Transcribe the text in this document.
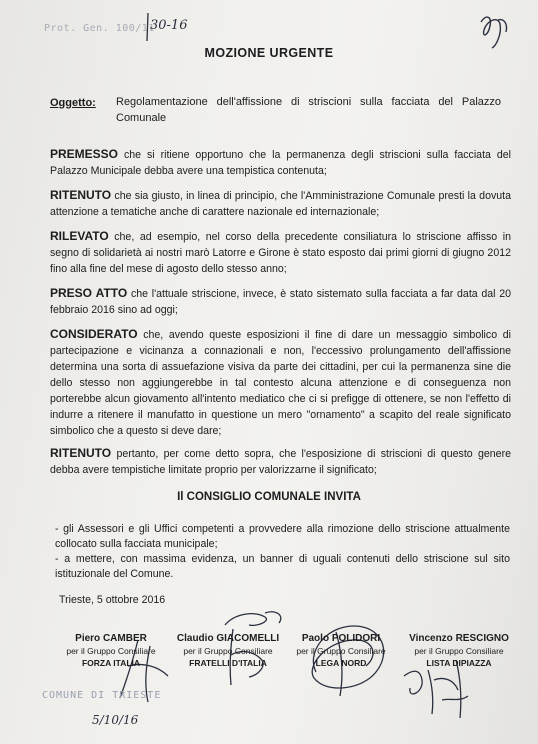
Prot. Gen. 100/11
30-16
MOZIONE URGENTE
Oggetto: Regolamentazione dell'affissione di striscioni sulla facciata del Palazzo Comunale
PREMESSO che si ritiene opportuno che la permanenza degli striscioni sulla facciata del Palazzo Municipale debba avere una tempistica contenuta;
RITENUTO che sia giusto, in linea di principio, che l'Amministrazione Comunale presti la dovuta attenzione a tematiche anche di carattere nazionale ed internazionale;
RILEVATO che, ad esempio, nel corso della precedente consiliatura lo striscione affisso in segno di solidarietà ai nostri marò Latorre e Girone è stato esposto dai primi giorni di giugno 2012 fino alla fine del mese di agosto dello stesso anno;
PRESO ATTO che l'attuale striscione, invece, è stato sistemato sulla facciata a far data dal 20 febbraio 2016 sino ad oggi;
CONSIDERATO che, avendo queste esposizioni il fine di dare un messaggio simbolico di partecipazione e vicinanza a connazionali e non, l'eccessivo prolungamento dell'affissione determina una sorta di assuefazione visiva da parte dei cittadini, per cui la permanenza sine die dello stesso non aggiungerebbe in tal contesto alcuna attenzione e di conseguenza non porterebbe alcun giovamento all'intento mediatico che ci si prefigge di ottenere, se non l'effetto di indurre a ritenere il manufatto in questione un mero "ornamento" a scapito del reale significato simbolico che a questo si deve dare;
RITENUTO pertanto, per come detto sopra, che l'esposizione di striscioni di questo genere debba avere tempistiche limitate proprio per valorizzarne il significato;
Il CONSIGLIO COMUNALE INVITA
- gli Assessori e gli Uffici competenti a provvedere alla rimozione dello striscione attualmente collocato sulla facciata municipale;
- a mettere, con massima evidenza, un banner di uguali contenuti dello striscione sul sito istituzionale del Comune.
Trieste, 5 ottobre 2016
Piero CAMBER
per il Gruppo Consiliare
FORZA ITALIA
Claudio GIACOMELLI
per il Gruppo Consiliare
FRATELLI D'ITALIA
Paolo POLIDORI
per il Gruppo Consiliare
LEGA NORD
Vincenzo RESCIGNO
per il Gruppo Consiliare
LISTA DIPIAZZA
COMUNE DI TRIESTE
5/10/16
